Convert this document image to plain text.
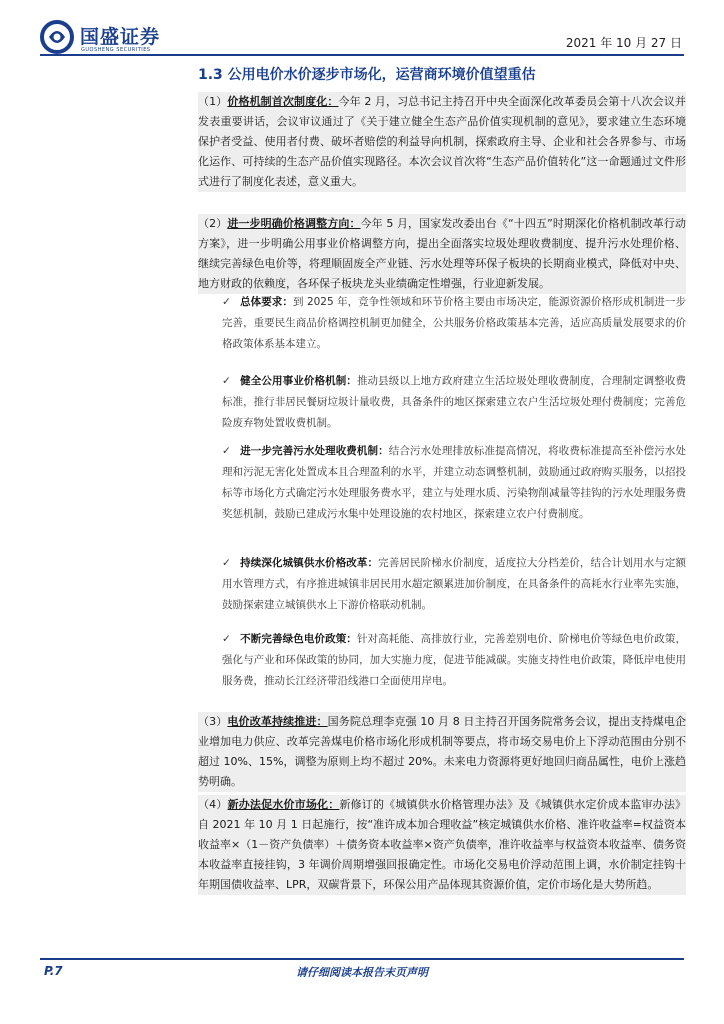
国盛证券
GUOSHENG SECURITIES	2021 年 10 月 27 日
1.3 公用电价水价逐步市场化，运营商环境价值望重估
（1）价格机制首次制度化：今年 2 月，习总书记主持召开中央全面深化改革委员会第十八次会议并发表重要讲话，会议审议通过了《关于建立健全生态产品价值实现机制的意见》，要求建立生态环境保护者受益、使用者付费、破坏者赔偿的利益导向机制，探索政府主导、企业和社会各界参与、市场化运作、可持续的生态产品价值实现路径。本次会议首次将“生态产品价值转化”这一命题通过文件形式进行了制度化表述，意义重大。
（2）进一步明确价格调整方向：今年 5 月，国家发改委出台《“十四五”时期深化价格机制改革行动方案》，进一步明确公用事业价格调整方向，提出全面落实垃圾处理收费制度、提升污水处理价格、继续完善绿色电价等，将理顺固废全产业链、污水处理等环保子板块的长期商业模式，降低对中央、地方财政的依赖度，各环保子板块龙头业绩确定性增强，行业迎新发展。
✓ 总体要求：到 2025 年，竞争性领域和环节价格主要由市场决定，能源资源价格形成机制进一步完善，重要民生商品价格调控机制更加健全，公共服务价格政策基本完善，适应高质量发展要求的价格政策体系基本建立。
✓ 健全公用事业价格机制：推动县级以上地方政府建立生活垃圾处理收费制度，合理制定调整收费标准，推行非居民餐厨垃圾计量收费，具备条件的地区探索建立农户生活垃圾处理付费制度；完善危险废弃物处置收费机制。
✓ 进一步完善污水处理收费机制：结合污水处理排放标准提高情况，将收费标准提高至补偿污水处理和污泥无害化处置成本且合理盈利的水平，并建立动态调整机制，鼓励通过政府购买服务，以招投标等市场化方式确定污水处理服务费水平，建立与处理水质、污染物削减量等挂钩的污水处理服务费奖惩机制，鼓励已建成污水集中处理设施的农村地区，探索建立农户付费制度。
✓ 持续深化城镇供水价格改革：完善居民阶梯水价制度，适度拉大分档差价，结合计划用水与定额用水管理方式，有序推进城镇非居民用水超定额累进加价制度，在具备条件的高耗水行业率先实施，鼓励探索建立城镇供水上下游价格联动机制。
✓ 不断完善绿色电价政策：针对高耗能、高排放行业，完善差别电价、阶梯电价等绿色电价政策，强化与产业和环保政策的协同，加大实施力度，促进节能减碳。实施支持性电价政策，降低岸电使用服务费，推动长江经济带沿线港口全面使用岸电。
（3）电价改革持续推进：国务院总理李克强 10 月 8 日主持召开国务院常务会议，提出支持煤电企业增加电力供应、改革完善煤电价格市场化形成机制等要点，将市场交易电价上下浮动范围由分别不超过 10%、15%，调整为原则上均不超过 20%。未来电力资源将更好地回归商品属性，电价上涨趋势明确。
（4）新办法促水价市场化：新修订的《城镇供水价格管理办法》及《城镇供水定价成本监审办法》自 2021 年 10 月 1 日起施行，按“准许成本加合理收益”核定城镇供水价格、准许收益率=权益资本收益率×（1－资产负债率）＋债务资本收益率×资产负债率，准许收益率与权益资本收益率、债务资本收益率直接挂钩，3 年调价周期增强回报确定性。市场化交易电价浮动范围上调，水价制定挂钩十年期国债收益率、LPR，双碳背景下，环保公用产品体现其资源价值，定价市场化是大势所趋。
请仔细阅读本报告末页声明
P.7
